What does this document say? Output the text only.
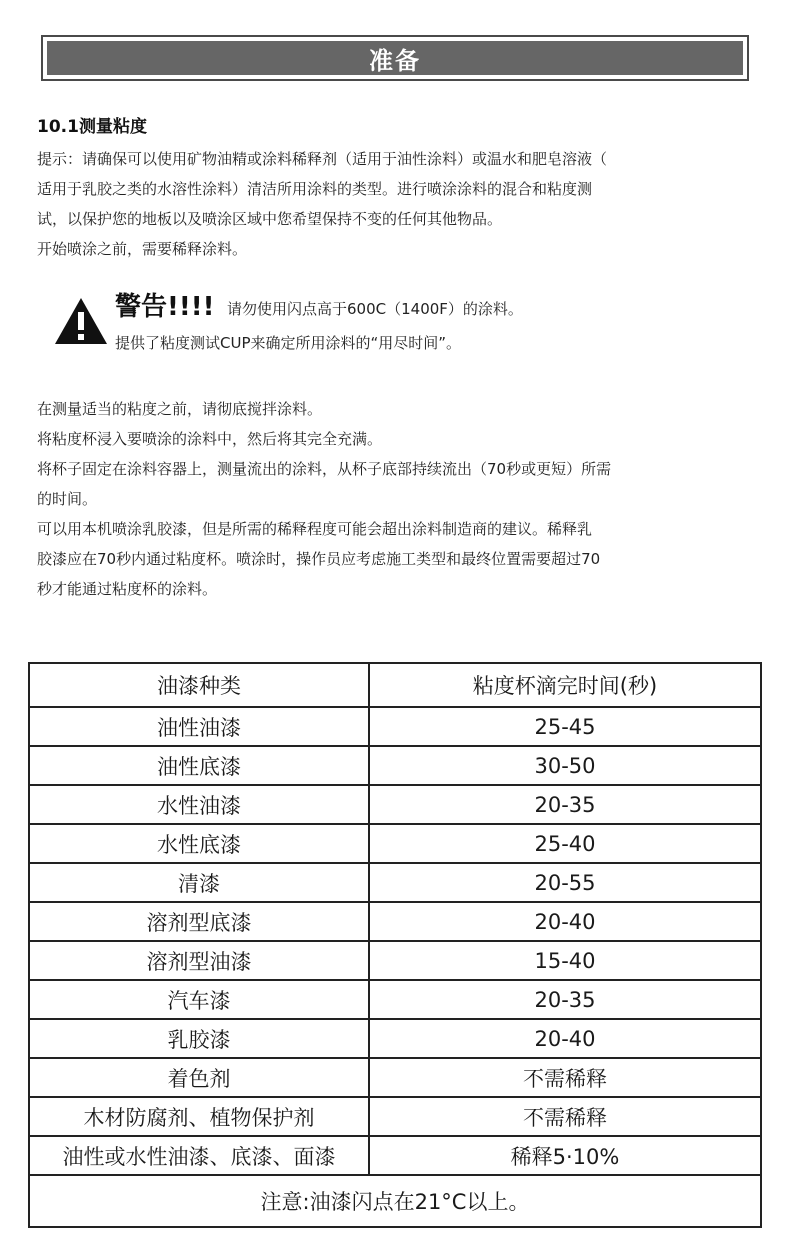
准备
10.1测量粘度

提示：请确保可以使用矿物油精或涂料稀释剂（适用于油性涂料）或温水和肥皂溶液（

适用于乳胶之类的水溶性涂料）清洁所用涂料的类型。进行喷涂涂料的混合和粘度测

试，以保护您的地板以及喷涂区域中您希望保持不变的任何其他物品。

开始喷涂之前，需要稀释涂料。

警告!!!! 请勿使用闪点高于600C（1400F）的涂料。
提供了粘度测试CUP来确定所用涂料的“用尽时间”。

在测量适当的粘度之前，请彻底搅拌涂料。

将粘度杯浸入要喷涂的涂料中，然后将其完全充满。

将杯子固定在涂料容器上，测量流出的涂料，从杯子底部持续流出（70秒或更短）所需

的时间。

可以用本机喷涂乳胶漆，但是所需的稀释程度可能会超出涂料制造商的建议。稀释乳

胶漆应在70秒内通过粘度杯。喷涂时，操作员应考虑施工类型和最终位置需要超过70

秒才能通过粘度杯的涂料。

油漆种类	粘度杯滴完时间(秒)
油性油漆	25-45
油性底漆	30-50
水性油漆	20-35
水性底漆	25-40
清漆	20-55
溶剂型底漆	20-40
溶剂型油漆	15-40
汽车漆	20-35
乳胶漆	20-40
着色剂	不需稀释
木材防腐剂、植物保护剂	不需稀释
油性或水性油漆、底漆、面漆	稀释5·10%
注意:油漆闪点在21°C以上。	
